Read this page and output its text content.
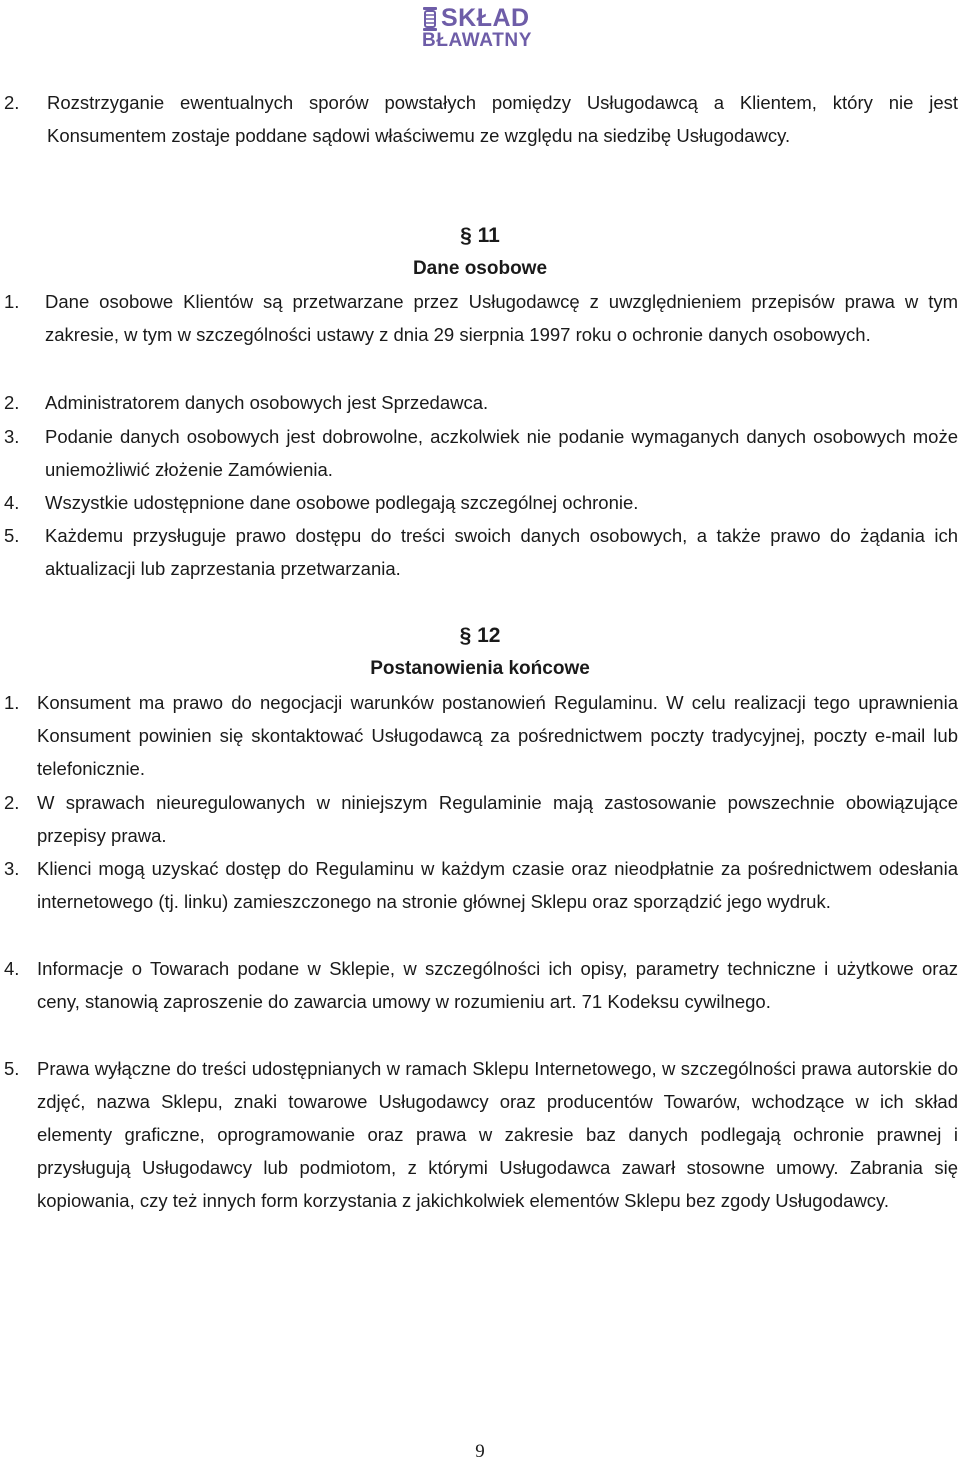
SKŁAD
BŁAWATNY
2. Rozstrzyganie ewentualnych sporów powstałych pomiędzy Usługodawcą a Klientem, który nie jest Konsumentem zostaje poddane sądowi właściwemu ze względu na siedzibę Usługodawcy.
§ 11
Dane osobowe
1. Dane osobowe Klientów są przetwarzane przez Usługodawcę z uwzględnieniem przepisów prawa w tym zakresie, w tym w szczególności ustawy z dnia 29 sierpnia 1997 roku o ochronie danych osobowych.
2. Administratorem danych osobowych jest Sprzedawca.
3. Podanie danych osobowych jest dobrowolne, aczkolwiek nie podanie wymaganych danych osobowych może uniemożliwić złożenie Zamówienia.
4. Wszystkie udostępnione dane osobowe podlegają szczególnej ochronie.
5. Każdemu przysługuje prawo dostępu do treści swoich danych osobowych, a także prawo do żądania ich aktualizacji lub zaprzestania przetwarzania.
§ 12
Postanowienia końcowe
1. Konsument ma prawo do negocjacji warunków postanowień Regulaminu. W celu realizacji tego uprawnienia Konsument powinien się skontaktować Usługodawcą za pośrednictwem poczty tradycyjnej, poczty e-mail lub telefonicznie.
2. W sprawach nieuregulowanych w niniejszym Regulaminie mają zastosowanie powszechnie obowiązujące przepisy prawa.
3. Klienci mogą uzyskać dostęp do Regulaminu w każdym czasie oraz nieodpłatnie za pośrednictwem odesłania internetowego (tj. linku) zamieszczonego na stronie głównej Sklepu oraz sporządzić jego wydruk.
4. Informacje o Towarach podane w Sklepie, w szczególności ich opisy, parametry techniczne i użytkowe oraz ceny, stanowią zaproszenie do zawarcia umowy w rozumieniu art. 71 Kodeksu cywilnego.
5. Prawa wyłączne do treści udostępnianych w ramach Sklepu Internetowego, w szczególności prawa autorskie do zdjęć, nazwa Sklepu, znaki towarowe Usługodawcy oraz producentów Towarów, wchodzące w ich skład elementy graficzne, oprogramowanie oraz prawa w zakresie baz danych podlegają ochronie prawnej i przysługują Usługodawcy lub podmiotom, z którymi Usługodawca zawarł stosowne umowy. Zabrania się kopiowania, czy też innych form korzystania z jakichkolwiek elementów Sklepu bez zgody Usługodawcy.
9
